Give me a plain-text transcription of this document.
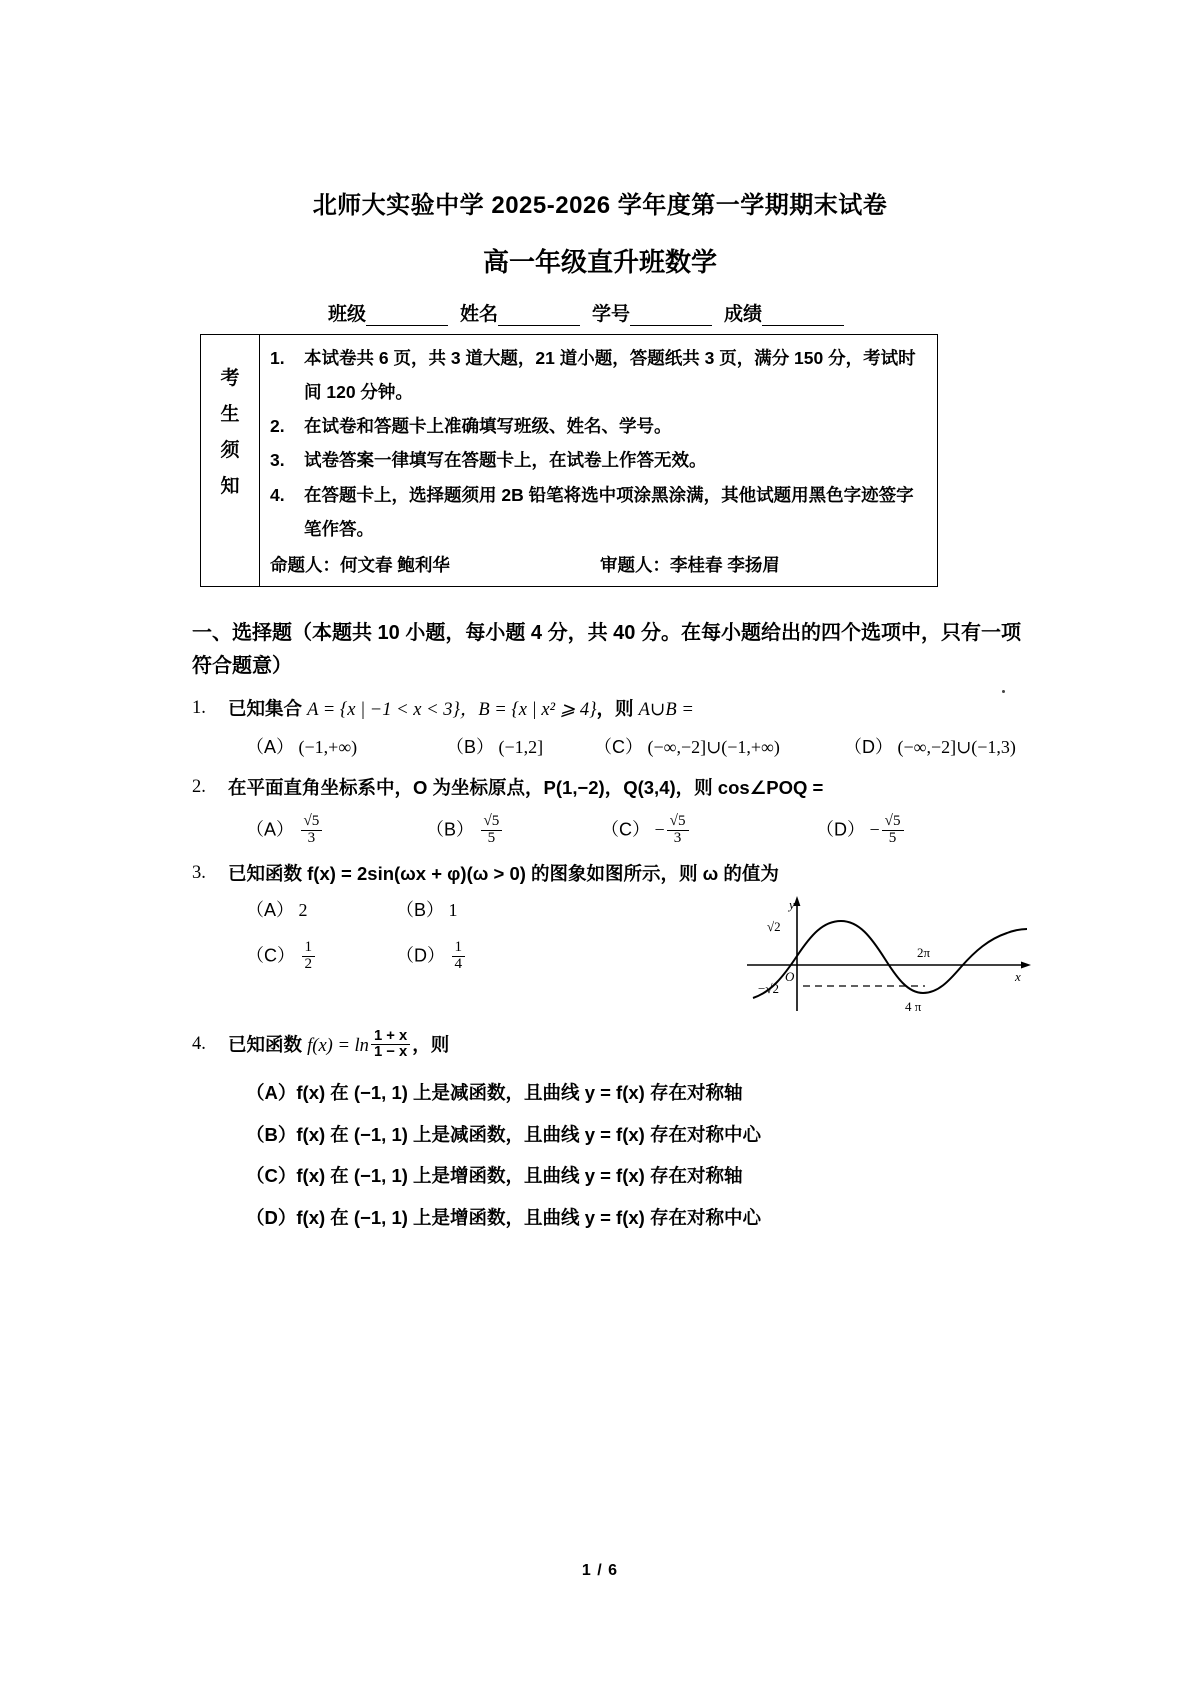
北师大实验中学 2025-2026 学年度第一学期期末试卷
高一年级直升班数学
班级	姓名	学号	成绩
考
生
须
知
1.	本试卷共 6 页，共 3 道大题，21 道小题，答题纸共 3 页，满分 150 分，考试时间 120 分钟。
2.	在试卷和答题卡上准确填写班级、姓名、学号。
3.	试卷答案一律填写在答题卡上，在试卷上作答无效。
4.	在答题卡上，选择题须用 2B 铅笔将选中项涂黑涂满，其他试题用黑色字迹签字笔作答。
命题人：何文春 鲍利华	审题人：李桂春 李扬眉
一、选择题（本题共 10 小题，每小题 4 分，共 40 分。在每小题给出的四个选项中，只有一项符合题意）
1.	已知集合 A = {x | −1 < x < 3}，B = {x | x² ⩾ 4}，则 A∪B =
（A） (−1,+∞)	（B） (−1,2]	（C） (−∞,−2]∪(−1,+∞)	（D） (−∞,−2]∪(−1,3)
2.	在平面直角坐标系中，O 为坐标原点，P(1,−2)，Q(3,4)，则 cos∠POQ =
$(A) \frac{√5}{3}$	$(B) \frac{√5}{5}$	$(C) - \frac{√5}{3}$	$(D) - \frac{√5}{5}$
3.	已知函数 f(x) = 2sin(ωx + φ)(ω > 0) 的图象如图所示，则 ω 的值为
（A） 2	（B） 1
$(C) \frac{1}{2}$	$(D) \frac{1}{4}$
√2
−√2
O
y
x
2π
4 π
4.	已知函数 $f(x) = \ln \frac{1 + x}{1 - x}$ ，则
（A）f(x) 在 (−1, 1) 上是减函数，且曲线 y = f(x) 存在对称轴
（B）f(x) 在 (−1, 1) 上是减函数，且曲线 y = f(x) 存在对称中心
（C）f(x) 在 (−1, 1) 上是增函数，且曲线 y = f(x) 存在对称轴
（D）f(x) 在 (−1, 1) 上是增函数，且曲线 y = f(x) 存在对称中心
1 / 6
